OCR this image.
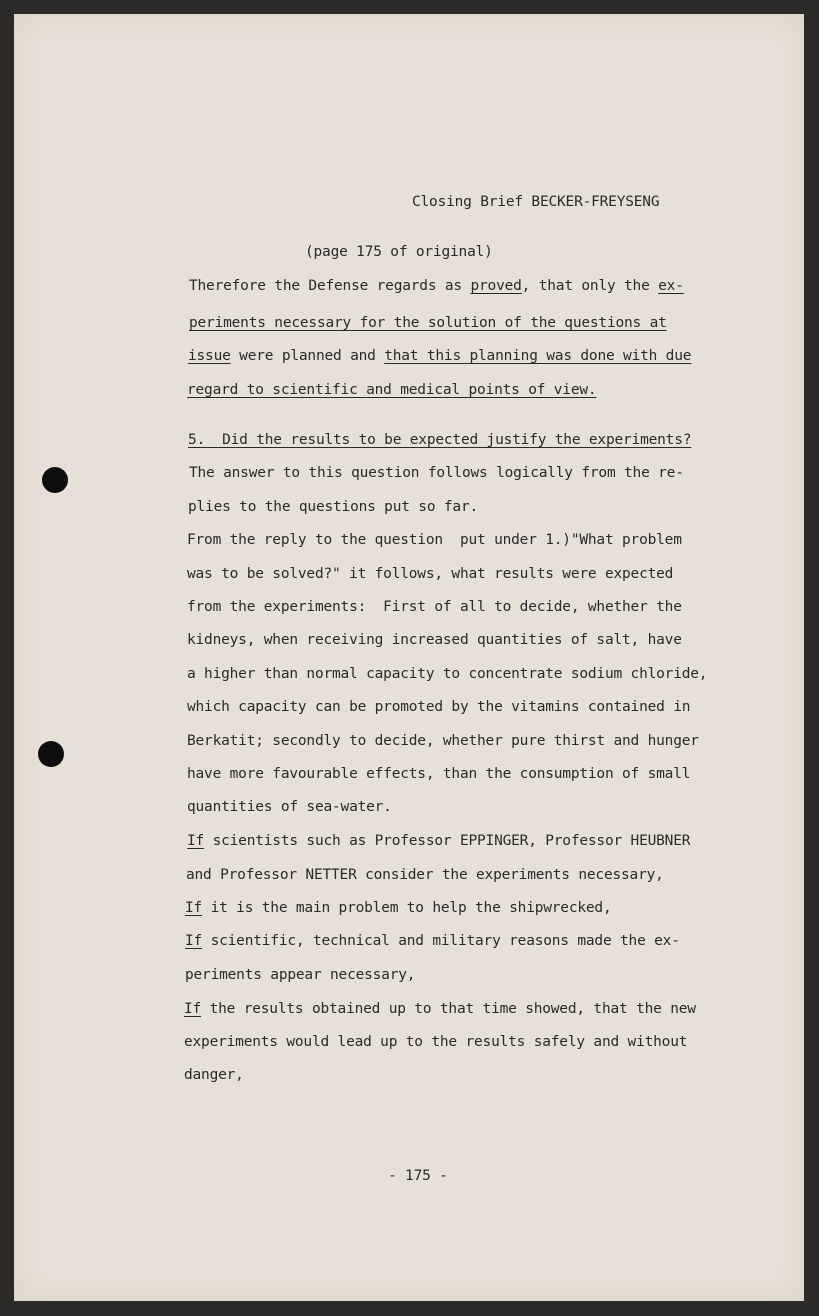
Closing Brief BECKER-FREYSENG
(page 175 of original)
Therefore the Defense regards as proved, that only the ex-
periments necessary for the solution of the questions at
issue were planned and that this planning was done with due
regard to scientific and medical points of view.
5.  Did the results to be expected justify the experiments?
The answer to this question follows logically from the re-
plies to the questions put so far.
From the reply to the question  put under 1.)"What problem
was to be solved?" it follows, what results were expected
from the experiments:  First of all to decide, whether the
kidneys, when receiving increased quantities of salt, have
a higher than normal capacity to concentrate sodium chloride,
which capacity can be promoted by the vitamins contained in
Berkatit; secondly to decide, whether pure thirst and hunger
have more favourable effects, than the consumption of small
quantities of sea-water.
If scientists such as Professor EPPINGER, Professor HEUBNER
and Professor NETTER consider the experiments necessary,
If it is the main problem to help the shipwrecked,
If scientific, technical and military reasons made the ex-
periments appear necessary,
If the results obtained up to that time showed, that the new
experiments would lead up to the results safely and without
danger,
- 175 -
